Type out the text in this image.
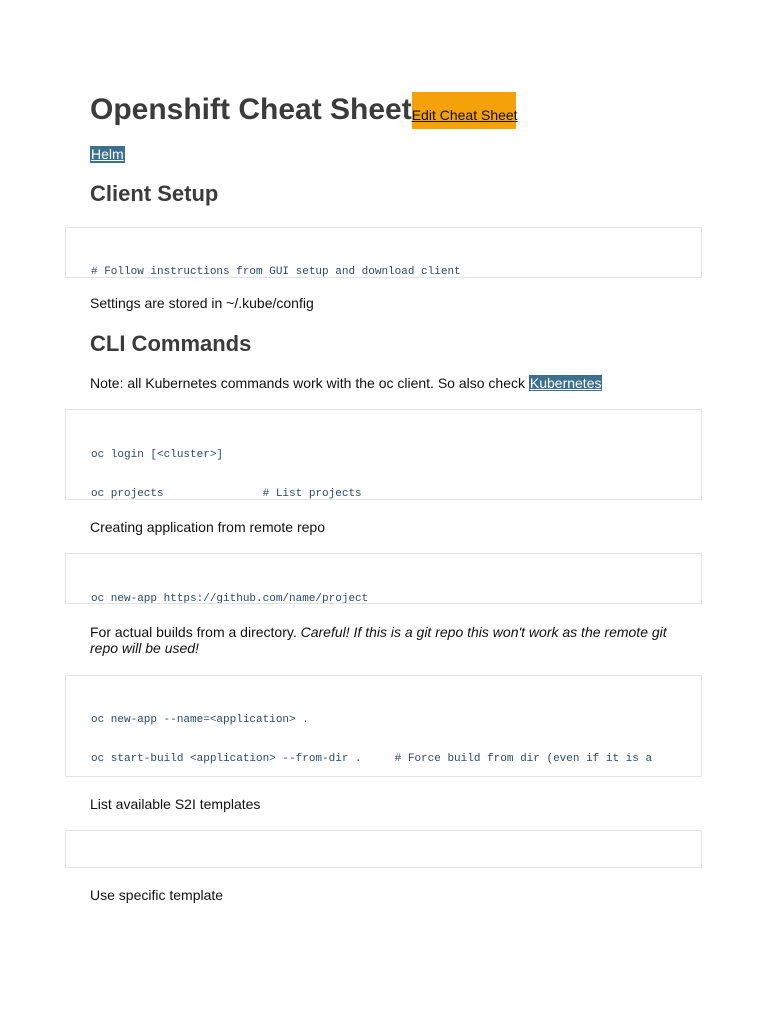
Openshift Cheat Sheet Edit Cheat Sheet
Helm
Client Setup

# Follow instructions from GUI setup and download client

Settings are stored in ~/.kube/config

CLI Commands

Note: all Kubernetes commands work with the oc client. So also check Kubernetes

oc login [<cluster>]

oc projects               # List projects

Creating application from remote repo

oc new-app https://github.com/name/project

For actual builds from a directory. Careful! If this is a git repo this won't work as the remote git repo will be used!

oc new-app --name=<application> .

oc start-build <application> --from-dir .     # Force build from dir (even if it is a

List available S2I templates

Use specific template
